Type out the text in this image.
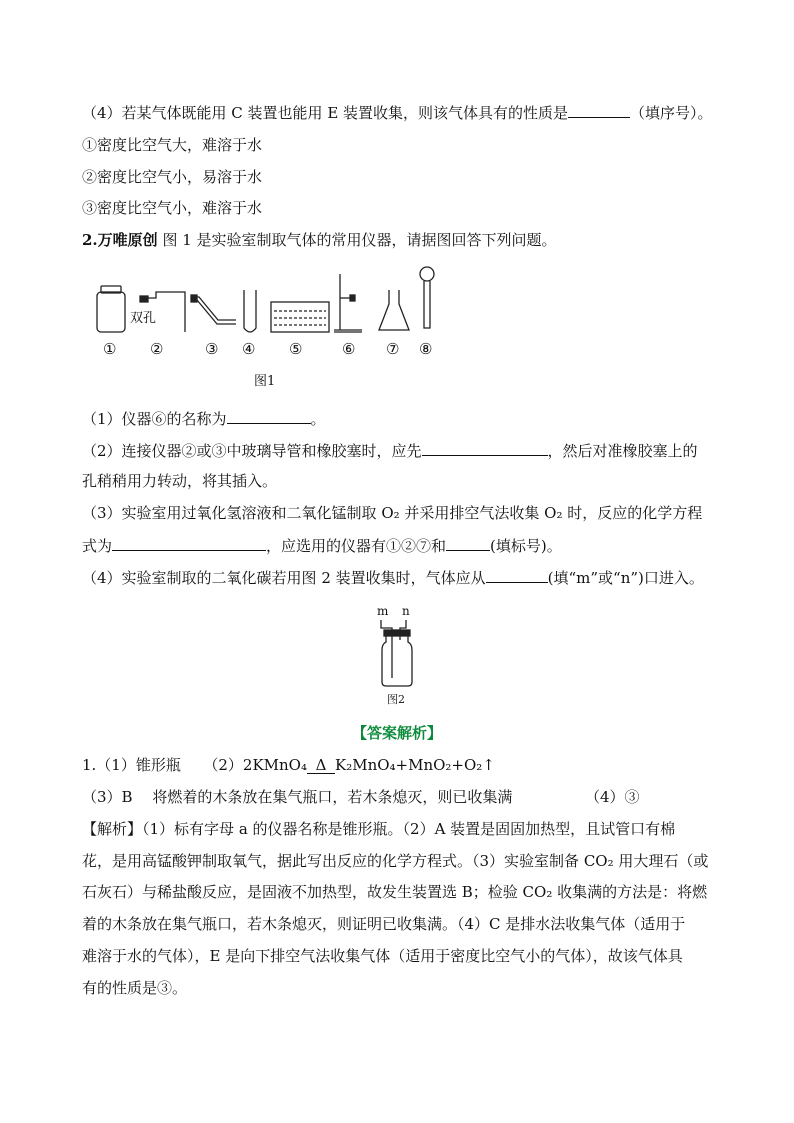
（4）若某气体既能用 C 装置也能用 E 装置收集，则该气体具有的性质是	（填序号）。
①密度比空气大，难溶于水
②密度比空气小，易溶于水
③密度比空气小，难溶于水
2.万唯原创 图 1 是实验室制取气体的常用仪器，请据图回答下列问题。
双孔
① ②	③ ④ ⑤	⑥ ⑦ ⑧
图1
（1）仪器⑥的名称为	。
（2）连接仪器②或③中玻璃导管和橡胶塞时，应先	，然后对准橡胶塞上的
孔稍稍用力转动，将其插入。
（3）实验室用过氧化氢溶液和二氧化锰制取 O₂ 并采用排空气法收集 O₂ 时，反应的化学方程
式为	，应选用的仪器有①②⑦和	(填标号)。
（4）实验室制取的二氧化碳若用图 2 装置收集时，气体应从	(填“m”或“n”)口进入。
m n
图2
【答案解析】
1.（1）锥形瓶　　（2）2KMnO₄ Δ K₂MnO₄+MnO₂+O₂↑
（3）B　 将燃着的木条放在集气瓶口，若木条熄灭，则已收集满	（4）③
【解析】（1）标有字母 a 的仪器名称是锥形瓶。（2）A 装置是固固加热型，且试管口有棉
花，是用高锰酸钾制取氧气，据此写出反应的化学方程式。（3）实验室制备 CO₂ 用大理石（或
石灰石）与稀盐酸反应，是固液不加热型，故发生装置选 B；检验 CO₂ 收集满的方法是：将燃
着的木条放在集气瓶口，若木条熄灭，则证明已收集满。（4）C 是排水法收集气体（适用于
难溶于水的气体），E 是向下排空气法收集气体（适用于密度比空气小的气体），故该气体具
有的性质是③。
